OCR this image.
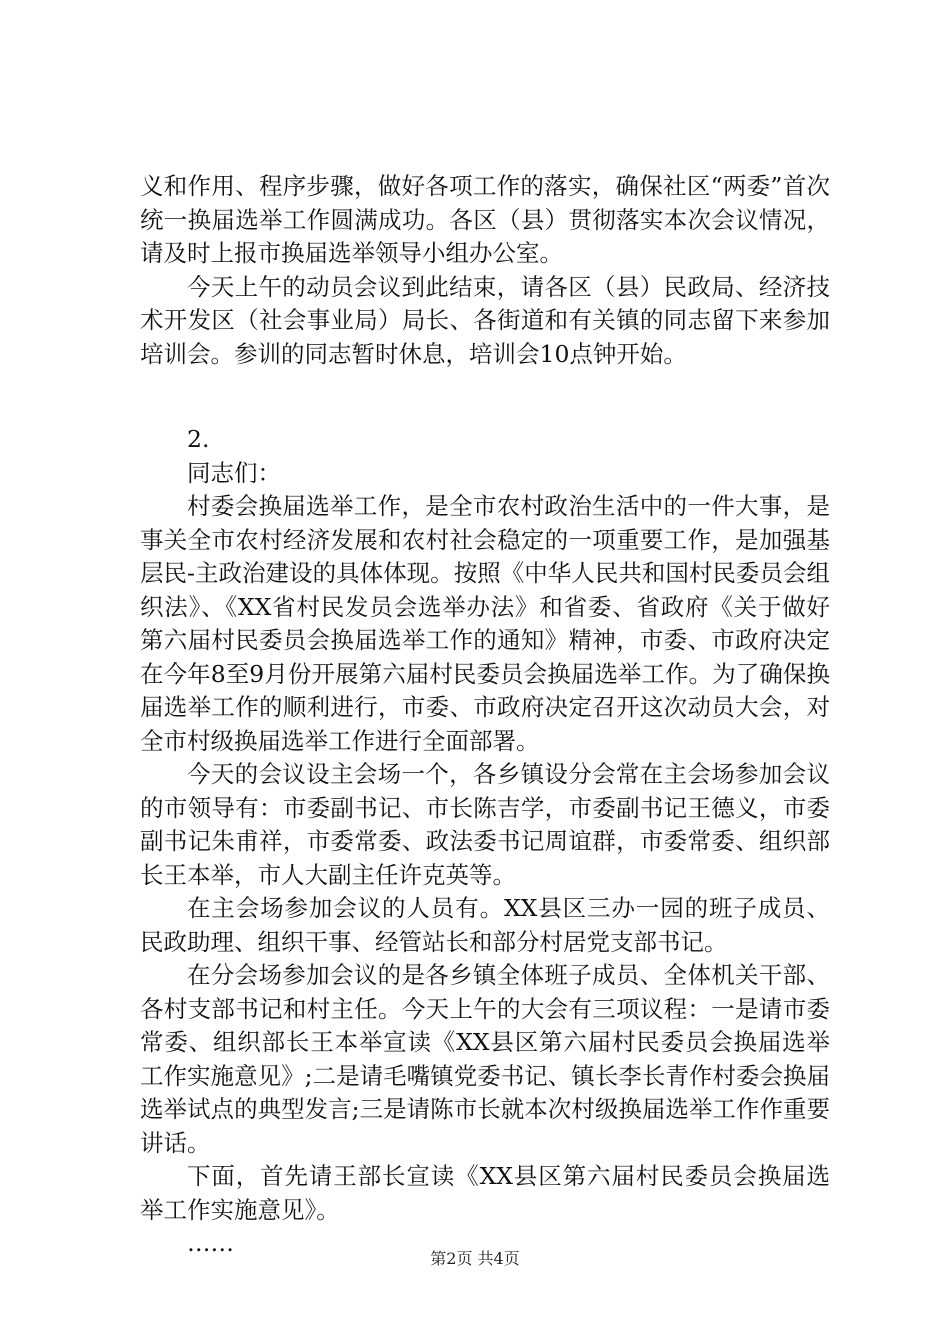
义和作用、程序步骤，做好各项工作的落实，确保社区“两委”首次统一换届选举工作圆满成功。各区（县）贯彻落实本次会议情况，请及时上报市换届选举领导小组办公室。

今天上午的动员会议到此结束，请各区（县）民政局、经济技术开发区（社会事业局）局长、各街道和有关镇的同志留下来参加培训会。参训的同志暂时休息，培训会10点钟开始。

2.

同志们：

村委会换届选举工作，是全市农村政治生活中的一件大事，是事关全市农村经济发展和农村社会稳定的一项重要工作，是加强基层民-主政治建设的具体体现。按照《中华人民共和国村民委员会组织法》、《XX省村民发员会选举办法》和省委、省政府《关于做好第六届村民委员会换届选举工作的通知》精神，市委、市政府决定在今年8至9月份开展第六届村民委员会换届选举工作。为了确保换届选举工作的顺利进行，市委、市政府决定召开这次动员大会，对全市村级换届选举工作进行全面部署。

今天的会议设主会场一个，各乡镇设分会常在主会场参加会议的市领导有：市委副书记、市长陈吉学，市委副书记王德义，市委副书记朱甫祥，市委常委、政法委书记周谊群，市委常委、组织部长王本举，市人大副主任许克英等。

在主会场参加会议的人员有。XX县区三办一园的班子成员、民政助理、组织干事、经管站长和部分村居党支部书记。

在分会场参加会议的是各乡镇全体班子成员、全体机关干部、各村支部书记和村主任。今天上午的大会有三项议程：一是请市委常委、组织部长王本举宣读《XX县区第六届村民委员会换届选举工作实施意见》;二是请毛嘴镇党委书记、镇长李长青作村委会换届选举试点的典型发言;三是请陈市长就本次村级换届选举工作作重要讲话。

下面，首先请王部长宣读《XX县区第六届村民委员会换届选举工作实施意见》。

……

第2页 共4页
